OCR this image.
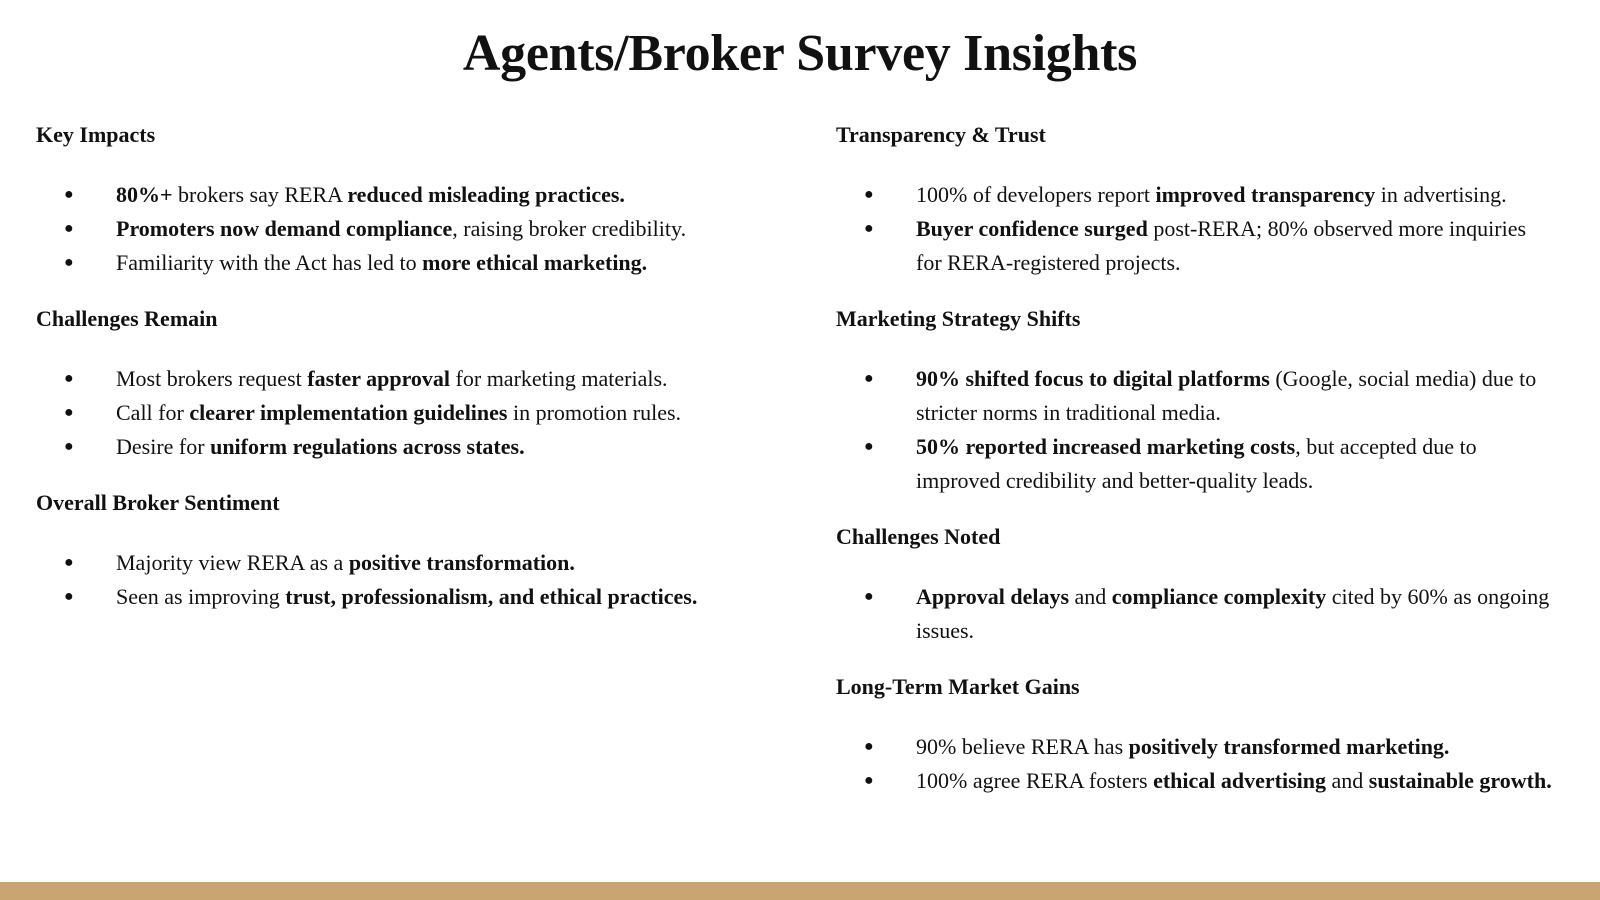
Agents/Broker Survey Insights
Key Impacts
● 80%+ brokers say RERA reduced misleading practices.
● Promoters now demand compliance, raising broker credibility.
● Familiarity with the Act has led to more ethical marketing.
Challenges Remain
● Most brokers request faster approval for marketing materials.
● Call for clearer implementation guidelines in promotion rules.
● Desire for uniform regulations across states.
Overall Broker Sentiment
● Majority view RERA as a positive transformation.
● Seen as improving trust, professionalism, and ethical practices.
Transparency & Trust
● 100% of developers report improved transparency in advertising.
● Buyer confidence surged post-RERA; 80% observed more inquiries for RERA-registered projects.
Marketing Strategy Shifts
● 90% shifted focus to digital platforms (Google, social media) due to stricter norms in traditional media.
● 50% reported increased marketing costs, but accepted due to improved credibility and better-quality leads.
Challenges Noted
● Approval delays and compliance complexity cited by 60% as ongoing issues.
Long-Term Market Gains
● 90% believe RERA has positively transformed marketing.
● 100% agree RERA fosters ethical advertising and sustainable growth.
